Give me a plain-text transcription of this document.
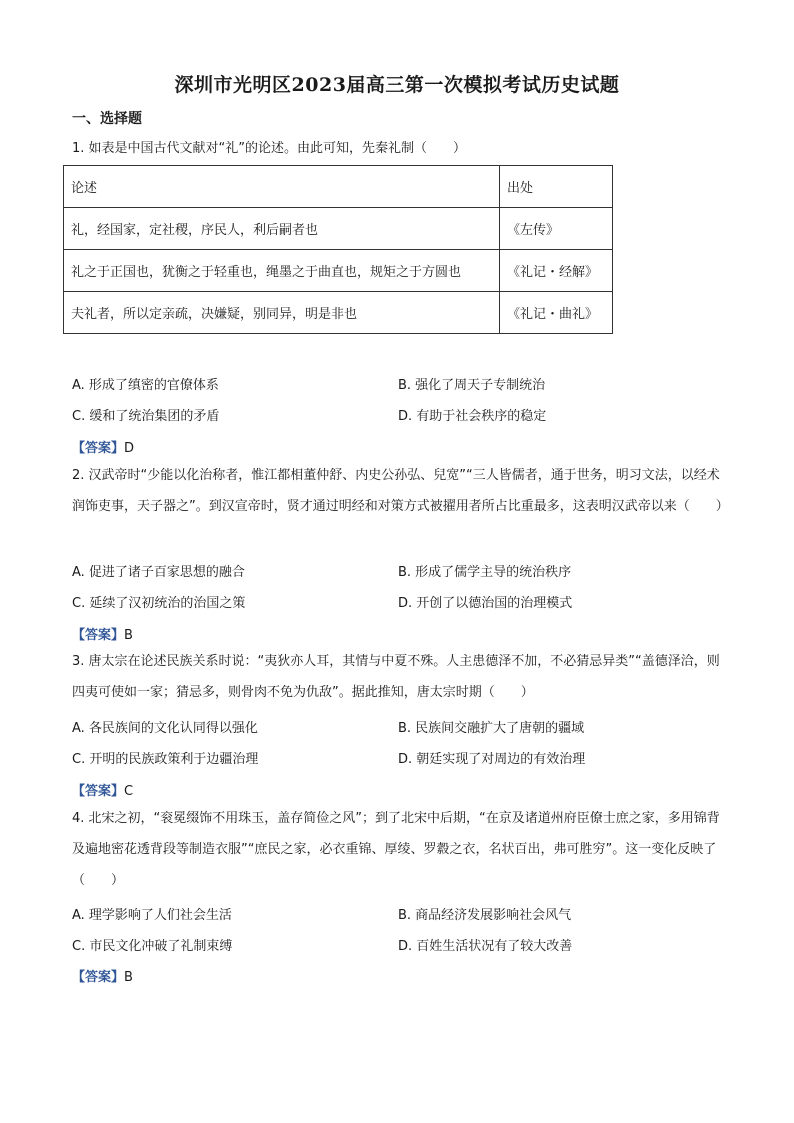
深圳市光明区2023届高三第一次模拟考试历史试题
一、选择题
1. 如表是中国古代文献对“礼”的论述。由此可知，先秦礼制（　　）
论述	出处
礼，经国家，定社稷，序民人，利后嗣者也	《左传》
礼之于正国也，犹衡之于轻重也，绳墨之于曲直也，规矩之于方圆也	《礼记・经解》
夫礼者，所以定亲疏，决嫌疑，别同异，明是非也	《礼记・曲礼》
A. 形成了缜密的官僚体系	B. 强化了周天子专制统治
C. 缓和了统治集团的矛盾	D. 有助于社会秩序的稳定
【答案】D
2. 汉武帝时“少能以化治称者，惟江都相董仲舒、内史公孙弘、兒宽”“三人皆儒者，通于世务，明习文法，以经术润饰吏事，天子器之”。到汉宣帝时，贤才通过明经和对策方式被擢用者所占比重最多，这表明汉武帝以来（　　）
A. 促进了诸子百家思想的融合	B. 形成了儒学主导的统治秩序
C. 延续了汉初统治的治国之策	D. 开创了以德治国的治理模式
【答案】B
3. 唐太宗在论述民族关系时说：“夷狄亦人耳，其情与中夏不殊。人主患德泽不加，不必猜忌异类”“盖德泽洽，则四夷可使如一家；猜忌多，则骨肉不免为仇敌”。据此推知，唐太宗时期（　　）
A. 各民族间的文化认同得以强化	B. 民族间交融扩大了唐朝的疆域
C. 开明的民族政策利于边疆治理	D. 朝廷实现了对周边的有效治理
【答案】C
4. 北宋之初，“衮冕缀饰不用珠玉，盖存简俭之风”；到了北宋中后期，“在京及诸道州府臣僚士庶之家，多用锦背及遍地密花透背段等制造衣服”“庶民之家，必衣重锦、厚绫、罗縠之衣，名状百出，弗可胜穷”。这一变化反映了（　　）
A. 理学影响了人们社会生活	B. 商品经济发展影响社会风气
C. 市民文化冲破了礼制束缚	D. 百姓生活状况有了较大改善
【答案】B
